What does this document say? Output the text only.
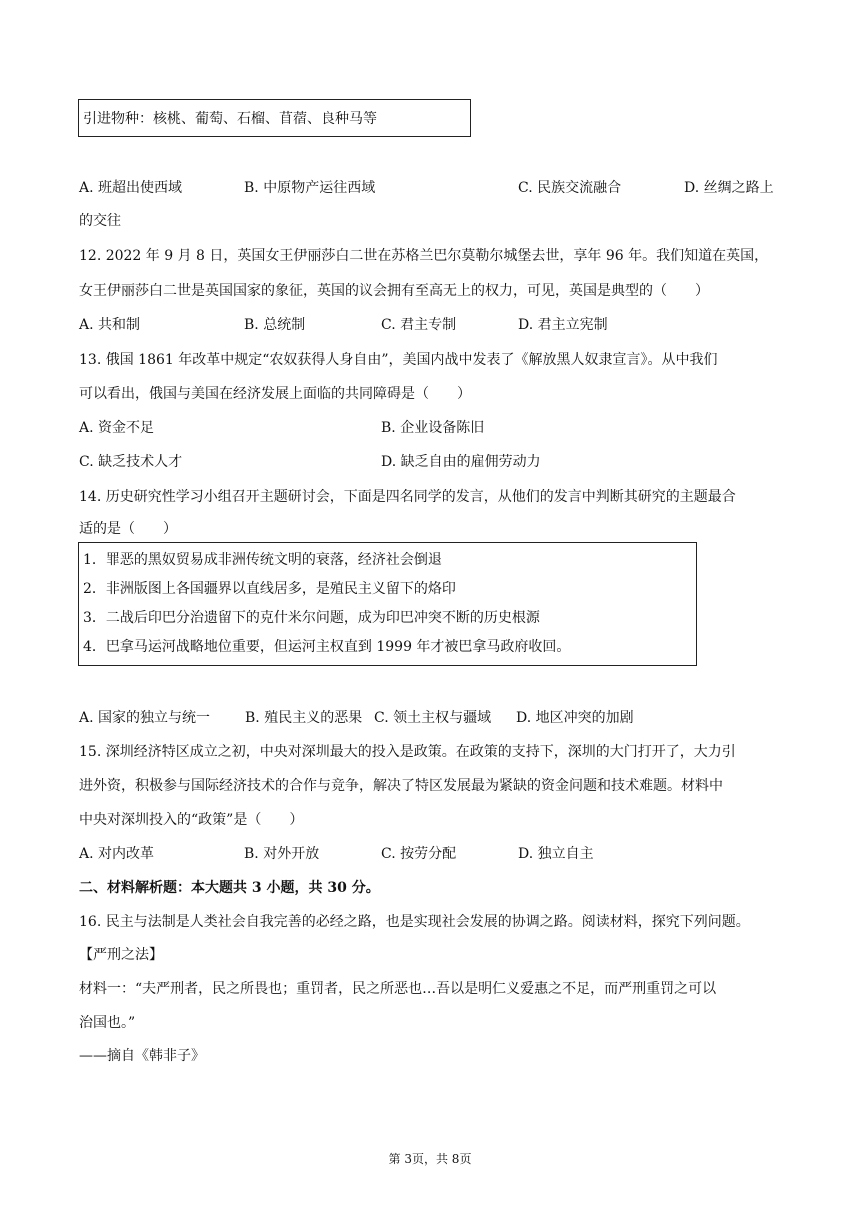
引进物种：核桃、葡萄、石榴、苜蓿、良种马等
A. 班超出使西域	B. 中原物产运往西域	C. 民族交流融合	D. 丝绸之路上
的交往
12. 2022 年 9 月 8 日，英国女王伊丽莎白二世在苏格兰巴尔莫勒尔城堡去世，享年 96 年。我们知道在英国，
女王伊丽莎白二世是英国国家的象征，英国的议会拥有至高无上的权力，可见，英国是典型的（　　）
A. 共和制	B. 总统制	C. 君主专制	D. 君主立宪制
13. 俄国 1861 年改革中规定“农奴获得人身自由”，美国内战中发表了《解放黑人奴隶宣言》。从中我们
可以看出，俄国与美国在经济发展上面临的共同障碍是（　　）
A. 资金不足	B. 企业设备陈旧
C. 缺乏技术人才	D. 缺乏自由的雇佣劳动力
14. 历史研究性学习小组召开主题研讨会，下面是四名同学的发言，从他们的发言中判断其研究的主题最合
适的是（　　）
1．罪恶的黑奴贸易成非洲传统文明的衰落，经济社会倒退
2．非洲版图上各国疆界以直线居多，是殖民主义留下的烙印
3．二战后印巴分治遗留下的克什米尔问题，成为印巴冲突不断的历史根源
4．巴拿马运河战略地位重要，但运河主权直到 1999 年才被巴拿马政府收回。
A. 国家的独立与统一 B. 殖民主义的恶果 C. 领土主权与疆域 D. 地区冲突的加剧
15. 深圳经济特区成立之初，中央对深圳最大的投入是政策。在政策的支持下，深圳的大门打开了，大力引
进外资，积极参与国际经济技术的合作与竞争，解决了特区发展最为紧缺的资金问题和技术难题。材料中
中央对深圳投入的“政策”是（　　）
A. 对内改革	B. 对外开放	C. 按劳分配	D. 独立自主
二、材料解析题：本大题共 3 小题，共 30 分。
16. 民主与法制是人类社会自我完善的必经之路，也是实现社会发展的协调之路。阅读材料，探究下列问题。
【严刑之法】
材料一：“夫严刑者，民之所畏也；重罚者，民之所恶也…吾以是明仁义爱惠之不足，而严刑重罚之可以
治国也。”
——摘自《韩非子》
第 3页，共 8页
